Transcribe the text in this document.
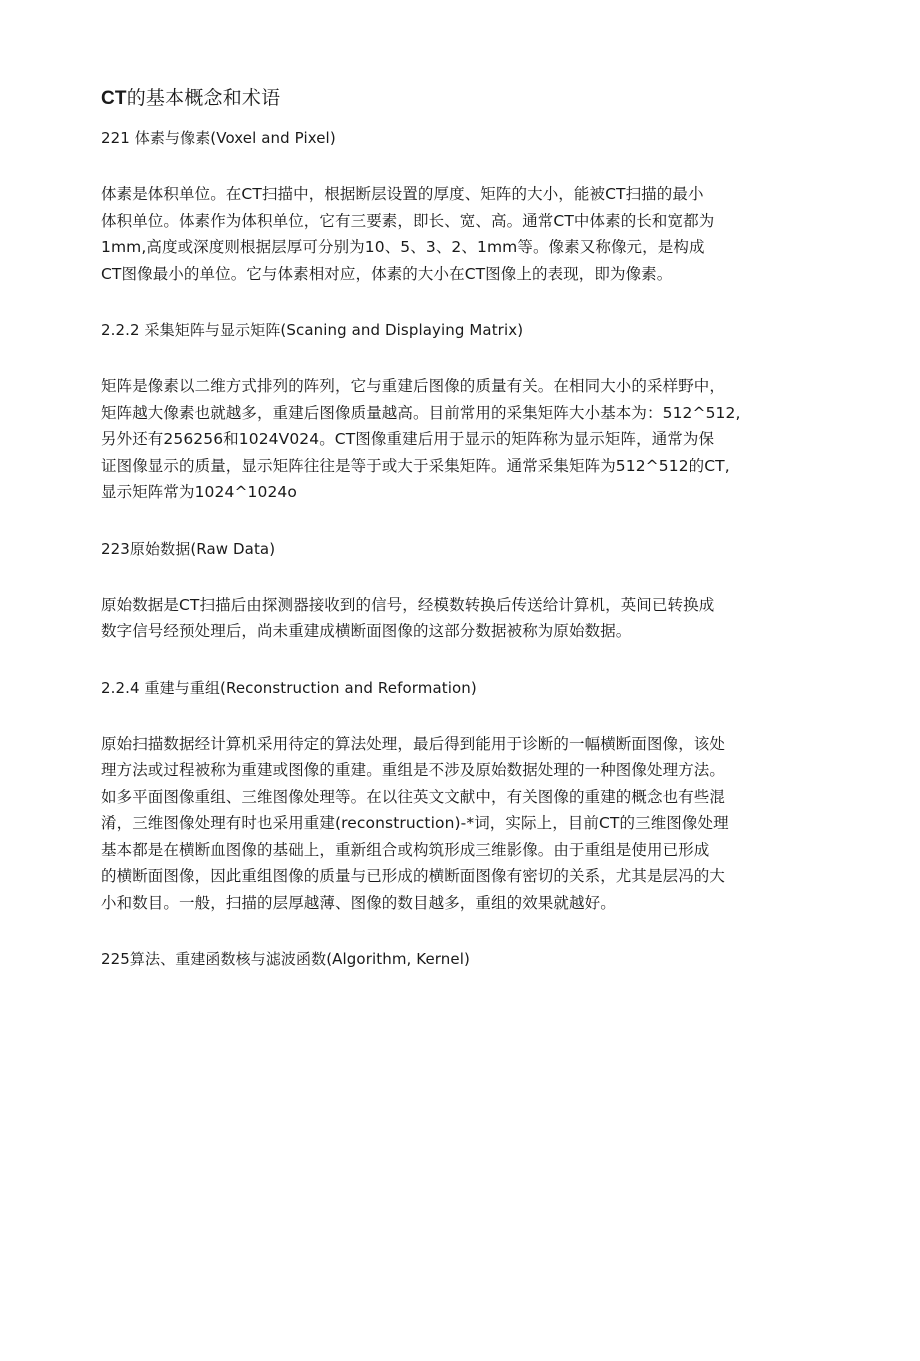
CT的基本概念和术语
221 体素与像素(Voxel and Pixel)
体素是体积单位。在CT扫描中，根据断层设置的厚度、矩阵的大小，能被CT扫描的最小
体积单位。体素作为体积单位，它有三要素，即长、宽、高。通常CT中体素的长和宽都为
1mm,高度或深度则根据层厚可分别为10、5、3、2、1mm等。像素又称像元，是构成
CT图像最小的单位。它与体素相对应，体素的大小在CT图像上的表现，即为像素。
2.2.2 采集矩阵与显示矩阵(Scaning and Displaying Matrix)
矩阵是像素以二维方式排列的阵列，它与重建后图像的质量有关。在相同大小的采样野中，
矩阵越大像素也就越多，重建后图像质量越高。目前常用的采集矩阵大小基本为：512^512,
另外还有256256和1024V024。CT图像重建后用于显示的矩阵称为显示矩阵，通常为保
证图像显示的质量，显示矩阵往往是等于或大于采集矩阵。通常采集矩阵为512^512的CT,
显示矩阵常为1024^1024o
223原始数据(Raw Data)
原始数据是CT扫描后由探测器接收到的信号，经模数转换后传送给计算机，英间已转换成
数字信号经预处理后，尚未重建成横断面图像的这部分数据被称为原始数据。
2.2.4 重建与重组(Reconstruction and Reformation)
原始扫描数据经计算机采用待定的算法处理，最后得到能用于诊断的一幅横断面图像，该处
理方法或过程被称为重建或图像的重建。重组是不涉及原始数据处理的一种图像处理方法。
如多平面图像重组、三维图像处理等。在以往英文文献中，有关图像的重建的概念也有些混
淆，三维图像处理有时也采用重建(reconstruction)-*词，实际上，目前CT的三维图像处理
基本都是在横断血图像的基础上，重新组合或构筑形成三维影像。由于重组是使用已形成
的横断面图像，因此重组图像的质量与已形成的横断面图像有密切的关系，尤其是层冯的大
小和数目。一般，扫描的层厚越薄、图像的数目越多，重组的效果就越好。
225算法、重建函数核与滤波函数(Algorithm, Kernel)
